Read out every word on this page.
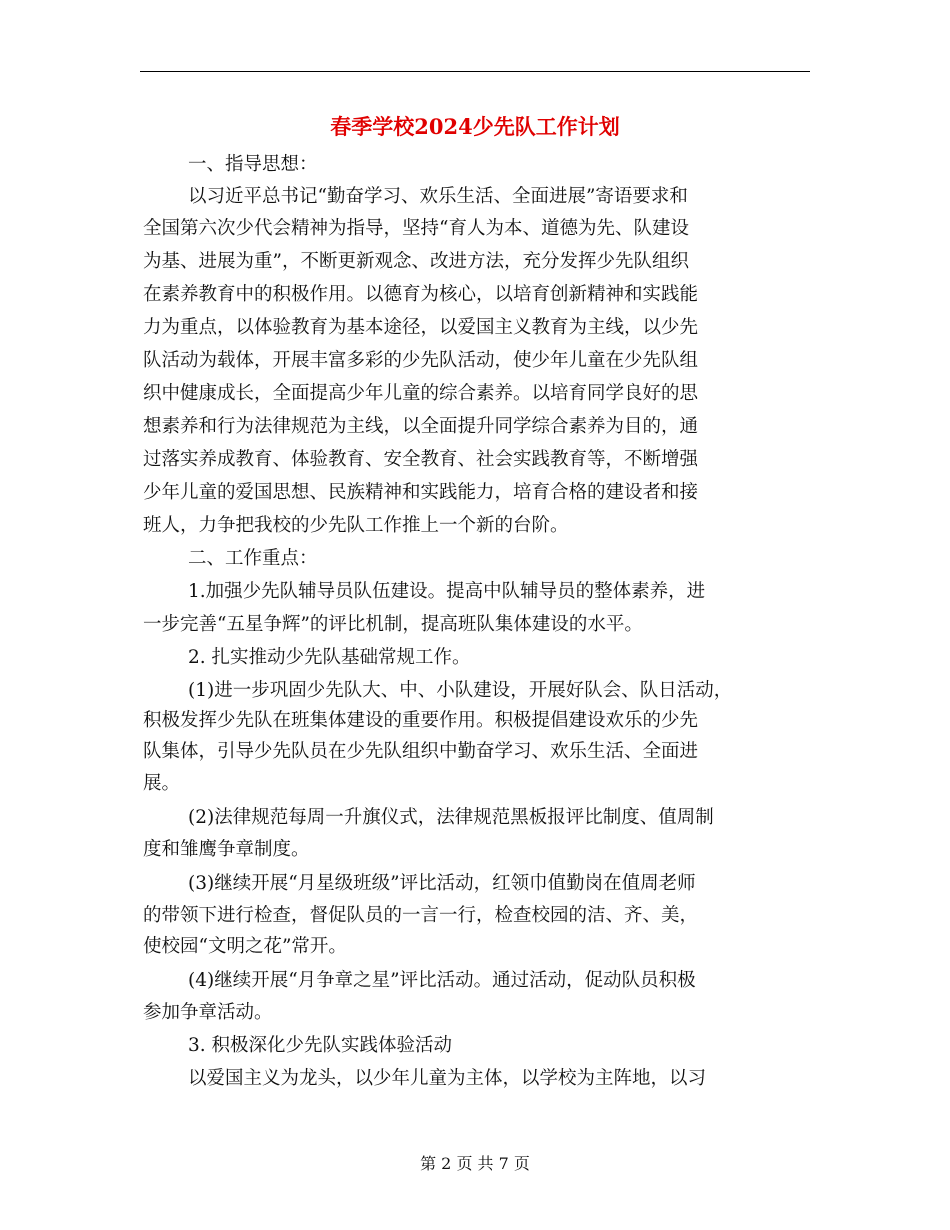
春季学校2024少先队工作计划
一、指导思想：
以习近平总书记“勤奋学习、欢乐生活、全面进展”寄语要求和
全国第六次少代会精神为指导，坚持“育人为本、道德为先、队建设
为基、进展为重”，不断更新观念、改进方法，充分发挥少先队组织
在素养教育中的积极作用。以德育为核心，以培育创新精神和实践能
力为重点，以体验教育为基本途径，以爱国主义教育为主线，以少先
队活动为载体，开展丰富多彩的少先队活动，使少年儿童在少先队组
织中健康成长，全面提高少年儿童的综合素养。以培育同学良好的思
想素养和行为法律规范为主线，以全面提升同学综合素养为目的，通
过落实养成教育、体验教育、安全教育、社会实践教育等，不断增强
少年儿童的爱国思想、民族精神和实践能力，培育合格的建设者和接
班人，力争把我校的少先队工作推上一个新的台阶。
二、工作重点：
1.加强少先队辅导员队伍建设。提高中队辅导员的整体素养，进
一步完善“五星争辉”的评比机制，提高班队集体建设的水平。
2. 扎实推动少先队基础常规工作。
(1)进一步巩固少先队大、中、小队建设，开展好队会、队日活动，
积极发挥少先队在班集体建设的重要作用。积极提倡建设欢乐的少先
队集体，引导少先队员在少先队组织中勤奋学习、欢乐生活、全面进
展。
(2)法律规范每周一升旗仪式，法律规范黑板报评比制度、值周制
度和雏鹰争章制度。
(3)继续开展“月星级班级”评比活动，红领巾值勤岗在值周老师
的带领下进行检查，督促队员的一言一行，检查校园的洁、齐、美，
使校园“文明之花”常开。
(4)继续开展“月争章之星”评比活动。通过活动，促动队员积极
参加争章活动。
3. 积极深化少先队实践体验活动
以爱国主义为龙头，以少年儿童为主体，以学校为主阵地，以习
第 2 页 共 7 页
